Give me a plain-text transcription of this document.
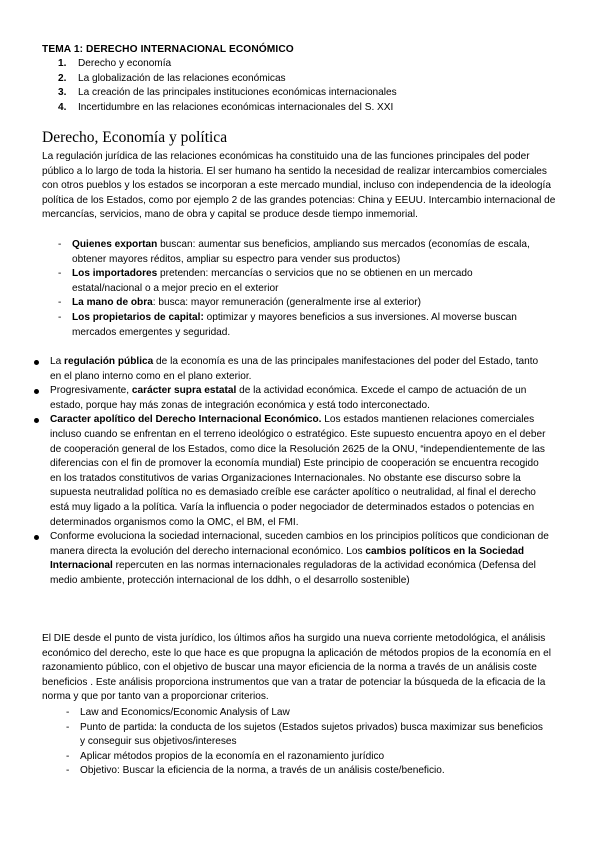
TEMA 1: DERECHO INTERNACIONAL ECONÓMICO
1. Derecho y economía
2. La globalización de las relaciones económicas
3. La creación de las principales instituciones económicas internacionales
4. Incertidumbre en las relaciones económicas internacionales del S. XXI
Derecho, Economía y política
La regulación jurídica de las relaciones económicas ha constituido una de las funciones principales del poder público a lo largo de toda la historia. El ser humano ha sentido la necesidad de realizar intercambios comerciales con otros pueblos y los estados se incorporan a este mercado mundial, incluso con independencia de la ideología política de los Estados, como por ejemplo 2 de las grandes potencias: China y EEUU. Intercambio internacional de mercancías, servicios, mano de obra y capital se produce desde tiempo inmemorial.
- Quienes exportan buscan: aumentar sus beneficios, ampliando sus mercados (economías de escala, obtener mayores réditos, ampliar su espectro para vender sus productos)
- Los importadores pretenden: mercancías o servicios que no se obtienen en un mercado estatal/nacional o a mejor precio en el exterior
- La mano de obra: busca: mayor remuneración (generalmente irse al exterior)
- Los propietarios de capital: optimizar y mayores beneficios a sus inversiones. Al moverse buscan mercados emergentes y seguridad.
La regulación pública de la economía es una de las principales manifestaciones del poder del Estado, tanto en el plano interno como en el plano exterior.
Progresivamente, carácter supra estatal de la actividad económica. Excede el campo de actuación de un estado, porque hay más zonas de integración económica y está todo interconectado.
Caracter apolítico del Derecho Internacional Económico. Los estados mantienen relaciones comerciales incluso cuando se enfrentan en el terreno ideológico o estratégico. Este supuesto encuentra apoyo en el deber de cooperación general de los Estados, como dice la Resolución 2625 de la ONU, “independientemente de las diferencias con el fin de promover la economía mundial) Este principio de cooperación se encuentra recogido en los tratados constitutivos de varias Organizaciones Internacionales. No obstante ese discurso sobre la supuesta neutralidad política no es demasiado creíble ese carácter apolítico o neutralidad, al final el derecho está muy ligado a la política. Varía la influencia o poder negociador de determinados estados o potencias en determinados organismos como la OMC, el BM, el FMI.
Conforme evoluciona la sociedad internacional, suceden cambios en los principios políticos que condicionan de manera directa la evolución del derecho internacional económico. Los cambios políticos en la Sociedad Internacional repercuten en las normas internacionales reguladoras de la actividad económica (Defensa del medio ambiente, protección internacional de los ddhh, o el desarrollo sostenible)
El DIE desde el punto de vista jurídico, los últimos años ha surgido una nueva corriente metodológica, el análisis económico del derecho, este lo que hace es que propugna la aplicación de métodos propios de la economía en el razonamiento público, con el objetivo de buscar una mayor eficiencia de la norma a través de un análisis coste beneficios . Este análisis proporciona instrumentos que van a tratar de potenciar la búsqueda de la eficacia de la norma y que por tanto van a proporcionar criterios.
- Law and Economics/Economic Analysis of Law
- Punto de partida: la conducta de los sujetos (Estados sujetos privados) busca maximizar sus beneficios y conseguir sus objetivos/intereses
- Aplicar métodos propios de la economía en el razonamiento jurídico
- Objetivo: Buscar la eficiencia de la norma, a través de un análisis coste/beneficio.
